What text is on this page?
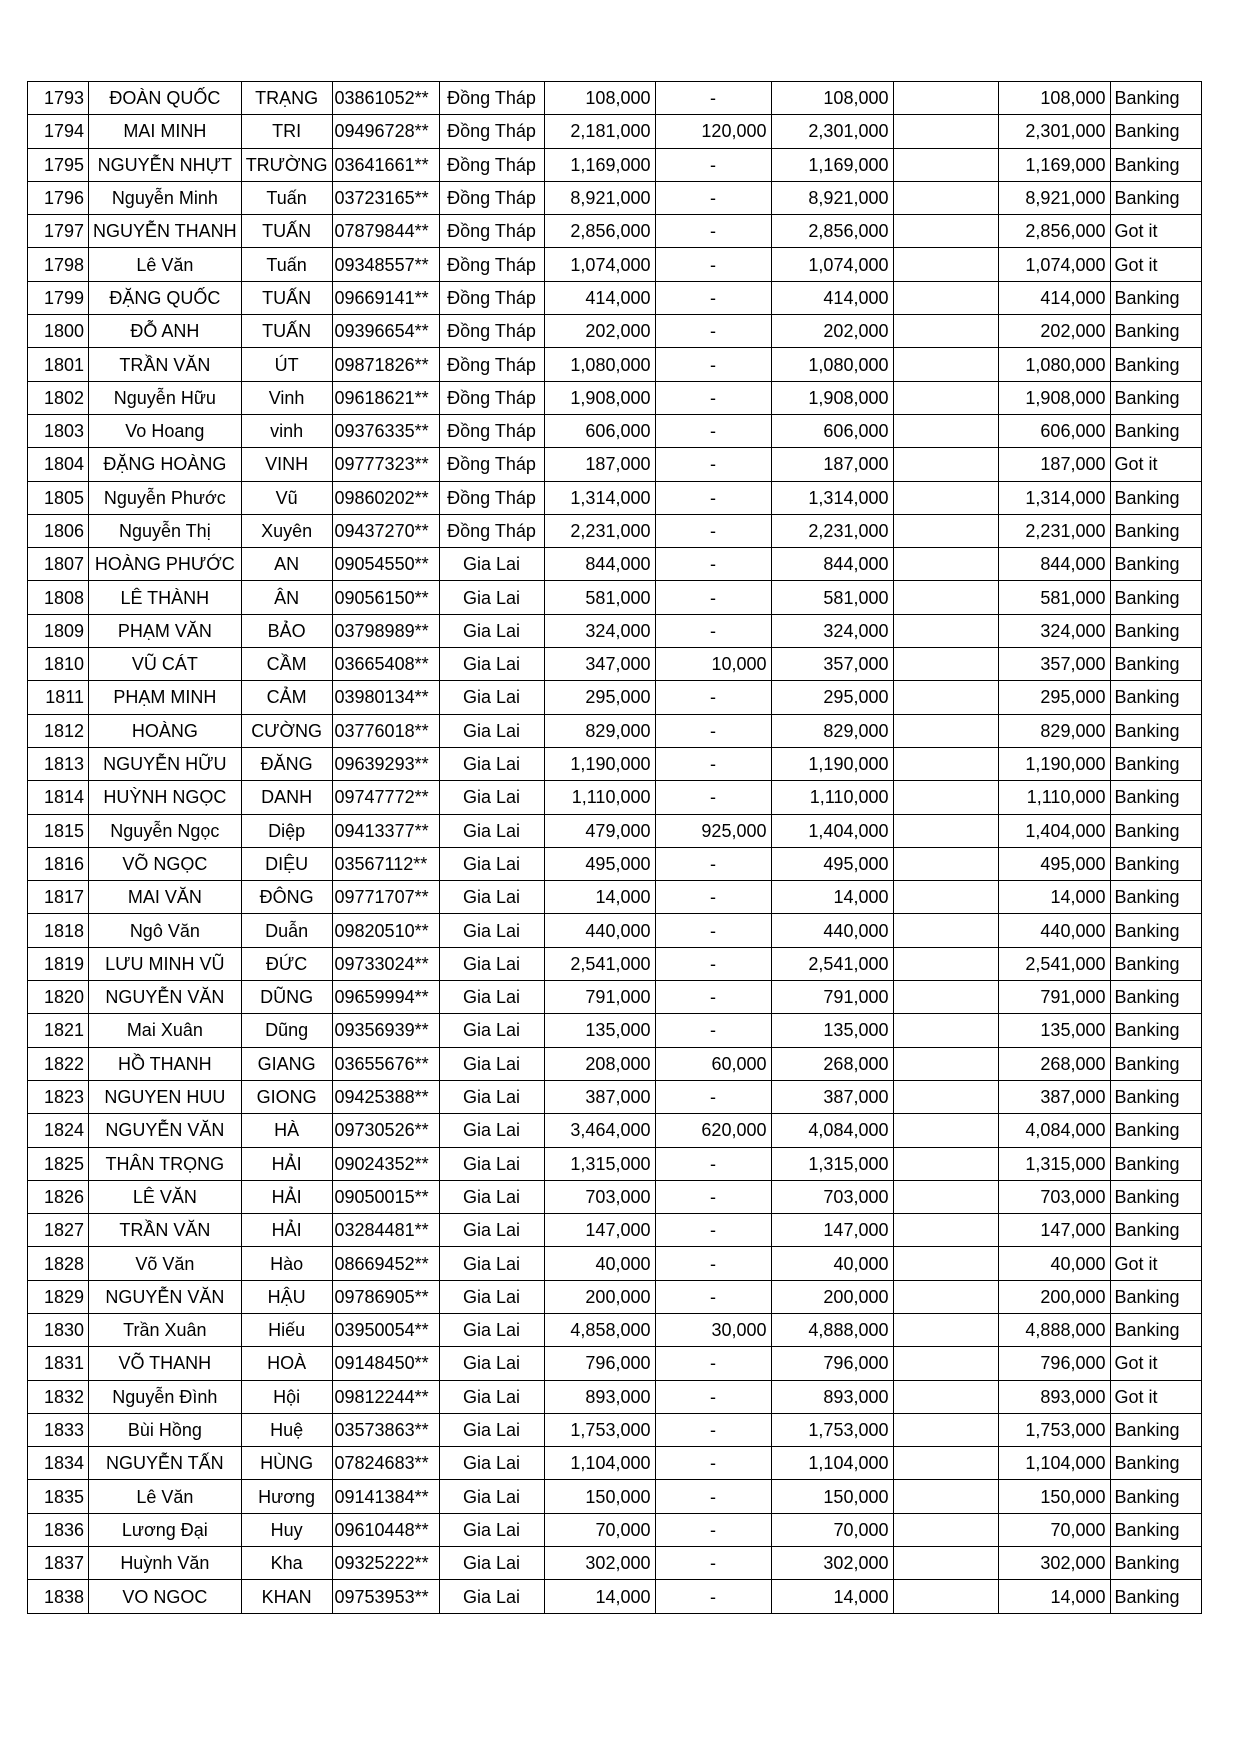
1793	ĐOÀN QUỐC	TRẠNG	03861052**	Đồng Tháp	108,000	-	108,000		108,000	Banking
1794	MAI MINH	TRI	09496728**	Đồng Tháp	2,181,000	120,000	2,301,000		2,301,000	Banking
1795	NGUYỄN NHỰT	TRƯỜNG	03641661**	Đồng Tháp	1,169,000	-	1,169,000		1,169,000	Banking
1796	Nguyễn Minh	Tuấn	03723165**	Đồng Tháp	8,921,000	-	8,921,000		8,921,000	Banking
1797	NGUYỄN THANH	TUẤN	07879844**	Đồng Tháp	2,856,000	-	2,856,000		2,856,000	Got it
1798	Lê Văn	Tuấn	09348557**	Đồng Tháp	1,074,000	-	1,074,000		1,074,000	Got it
1799	ĐẶNG QUỐC	TUẤN	09669141**	Đồng Tháp	414,000	-	414,000		414,000	Banking
1800	ĐỖ ANH	TUẤN	09396654**	Đồng Tháp	202,000	-	202,000		202,000	Banking
1801	TRẦN VĂN	ÚT	09871826**	Đồng Tháp	1,080,000	-	1,080,000		1,080,000	Banking
1802	Nguyễn Hữu	Vinh	09618621**	Đồng Tháp	1,908,000	-	1,908,000		1,908,000	Banking
1803	Vo Hoang	vinh	09376335**	Đồng Tháp	606,000	-	606,000		606,000	Banking
1804	ĐẶNG HOÀNG	VINH	09777323**	Đồng Tháp	187,000	-	187,000		187,000	Got it
1805	Nguyễn Phước	Vũ	09860202**	Đồng Tháp	1,314,000	-	1,314,000		1,314,000	Banking
1806	Nguyễn Thị	Xuyên	09437270**	Đồng Tháp	2,231,000	-	2,231,000		2,231,000	Banking
1807	HOÀNG PHƯỚC	AN	09054550**	Gia Lai	844,000	-	844,000		844,000	Banking
1808	LÊ THÀNH	ÂN	09056150**	Gia Lai	581,000	-	581,000		581,000	Banking
1809	PHẠM VĂN	BẢO	03798989**	Gia Lai	324,000	-	324,000		324,000	Banking
1810	VŨ CÁT	CẦM	03665408**	Gia Lai	347,000	10,000	357,000		357,000	Banking
1811	PHẠM MINH	CẢM	03980134**	Gia Lai	295,000	-	295,000		295,000	Banking
1812	HOÀNG	CƯỜNG	03776018**	Gia Lai	829,000	-	829,000		829,000	Banking
1813	NGUYỄN HỮU	ĐĂNG	09639293**	Gia Lai	1,190,000	-	1,190,000		1,190,000	Banking
1814	HUỲNH NGỌC	DANH	09747772**	Gia Lai	1,110,000	-	1,110,000		1,110,000	Banking
1815	Nguyễn Ngọc	Diệp	09413377**	Gia Lai	479,000	925,000	1,404,000		1,404,000	Banking
1816	VÕ NGỌC	DIỆU	03567112**	Gia Lai	495,000	-	495,000		495,000	Banking
1817	MAI VĂN	ĐÔNG	09771707**	Gia Lai	14,000	-	14,000		14,000	Banking
1818	Ngô Văn	Duẫn	09820510**	Gia Lai	440,000	-	440,000		440,000	Banking
1819	LƯU MINH VŨ	ĐỨC	09733024**	Gia Lai	2,541,000	-	2,541,000		2,541,000	Banking
1820	NGUYỄN VĂN	DŨNG	09659994**	Gia Lai	791,000	-	791,000		791,000	Banking
1821	Mai Xuân	Dũng	09356939**	Gia Lai	135,000	-	135,000		135,000	Banking
1822	HỒ THANH	GIANG	03655676**	Gia Lai	208,000	60,000	268,000		268,000	Banking
1823	NGUYEN HUU	GIONG	09425388**	Gia Lai	387,000	-	387,000		387,000	Banking
1824	NGUYỄN VĂN	HÀ	09730526**	Gia Lai	3,464,000	620,000	4,084,000		4,084,000	Banking
1825	THÂN TRỌNG	HẢI	09024352**	Gia Lai	1,315,000	-	1,315,000		1,315,000	Banking
1826	LÊ VĂN	HẢI	09050015**	Gia Lai	703,000	-	703,000		703,000	Banking
1827	TRẦN VĂN	HẢI	03284481**	Gia Lai	147,000	-	147,000		147,000	Banking
1828	Võ Văn	Hào	08669452**	Gia Lai	40,000	-	40,000		40,000	Got it
1829	NGUYỄN VĂN	HẬU	09786905**	Gia Lai	200,000	-	200,000		200,000	Banking
1830	Trần Xuân	Hiếu	03950054**	Gia Lai	4,858,000	30,000	4,888,000		4,888,000	Banking
1831	VÕ THANH	HOÀ	09148450**	Gia Lai	796,000	-	796,000		796,000	Got it
1832	Nguyễn Đình	Hội	09812244**	Gia Lai	893,000	-	893,000		893,000	Got it
1833	Bùi Hồng	Huệ	03573863**	Gia Lai	1,753,000	-	1,753,000		1,753,000	Banking
1834	NGUYỄN TẤN	HÙNG	07824683**	Gia Lai	1,104,000	-	1,104,000		1,104,000	Banking
1835	Lê Văn	Hương	09141384**	Gia Lai	150,000	-	150,000		150,000	Banking
1836	Lương Đại	Huy	09610448**	Gia Lai	70,000	-	70,000		70,000	Banking
1837	Huỳnh Văn	Kha	09325222**	Gia Lai	302,000	-	302,000		302,000	Banking
1838	VO NGOC	KHAN	09753953**	Gia Lai	14,000	-	14,000		14,000	Banking
